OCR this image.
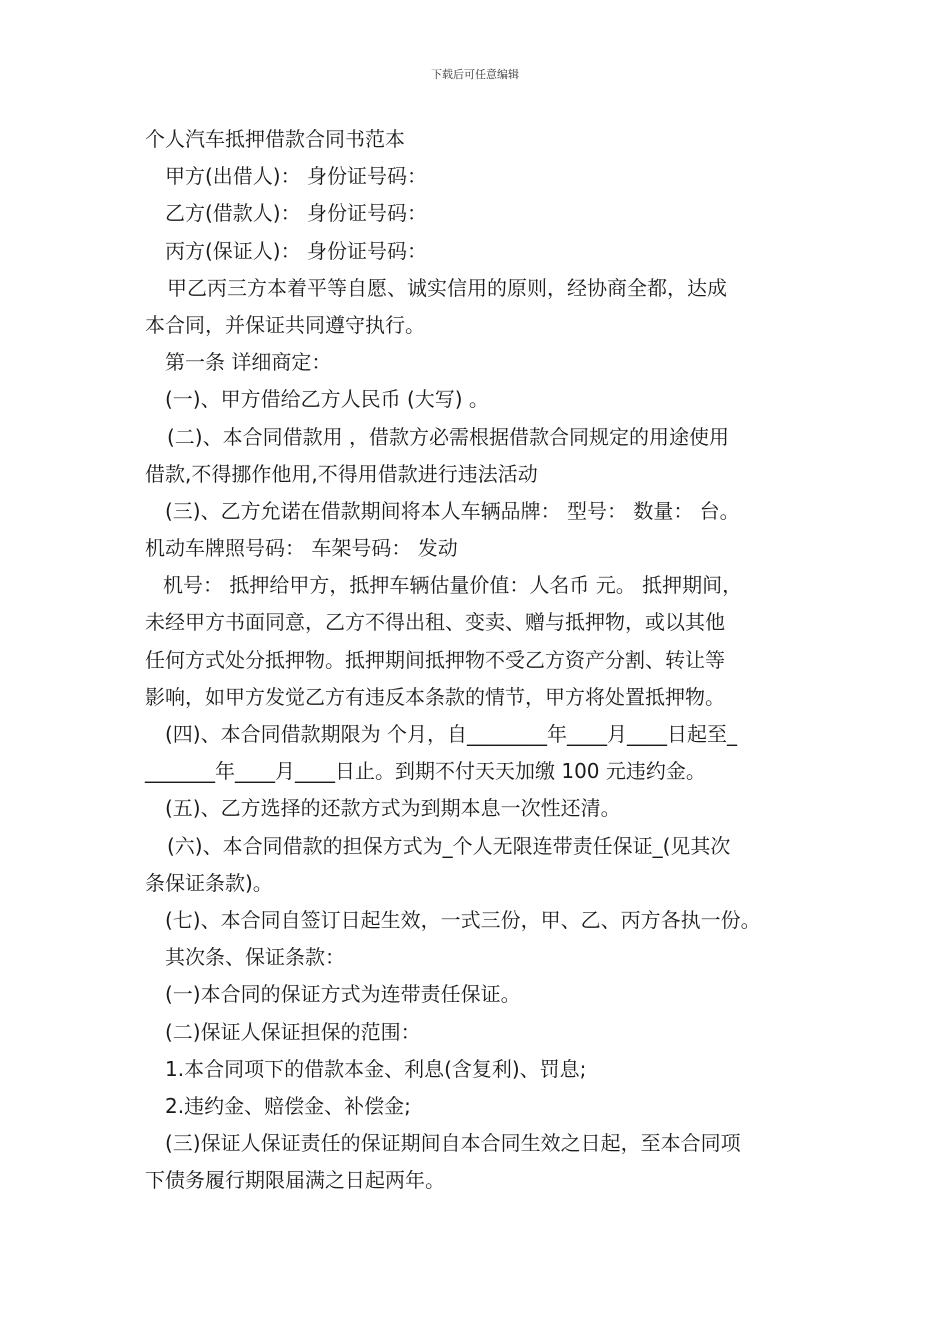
下载后可任意编辑
个人汽车抵押借款合同书范本
甲方(出借人)： 身份证号码：
乙方(借款人)： 身份证号码：
丙方(保证人)： 身份证号码：
甲乙丙三方本着平等自愿、诚实信用的原则，经协商全都，达成
本合同，并保证共同遵守执行。
第一条 详细商定：
(一)、甲方借给乙方人民币 (大写) 。
(二)、本合同借款用 ，借款方必需根据借款合同规定的用途使用
借款,不得挪作他用,不得用借款进行违法活动
(三)、乙方允诺在借款期间将本人车辆品牌： 型号： 数量： 台。
机动车牌照号码： 车架号码： 发动
机号： 抵押给甲方，抵押车辆估量价值：人名币 元。 抵押期间，
未经甲方书面同意，乙方不得出租、变卖、赠与抵押物，或以其他
任何方式处分抵押物。抵押期间抵押物不受乙方资产分割、转让等
影响，如甲方发觉乙方有违反本条款的情节，甲方将处置抵押物。
(四)、本合同借款期限为 个月，自________年____月____日起至_
_______年____月____日止。到期不付天天加缴 100 元违约金。
(五)、乙方选择的还款方式为到期本息一次性还清。
(六)、本合同借款的担保方式为_个人无限连带责任保证_(见其次
条保证条款)。
(七)、本合同自签订日起生效，一式三份，甲、乙、丙方各执一份。
其次条、保证条款：
(一)本合同的保证方式为连带责任保证。
(二)保证人保证担保的范围：
1.本合同项下的借款本金、利息(含复利)、罚息;
2.违约金、赔偿金、补偿金;
(三)保证人保证责任的保证期间自本合同生效之日起，至本合同项
下债务履行期限届满之日起两年。
